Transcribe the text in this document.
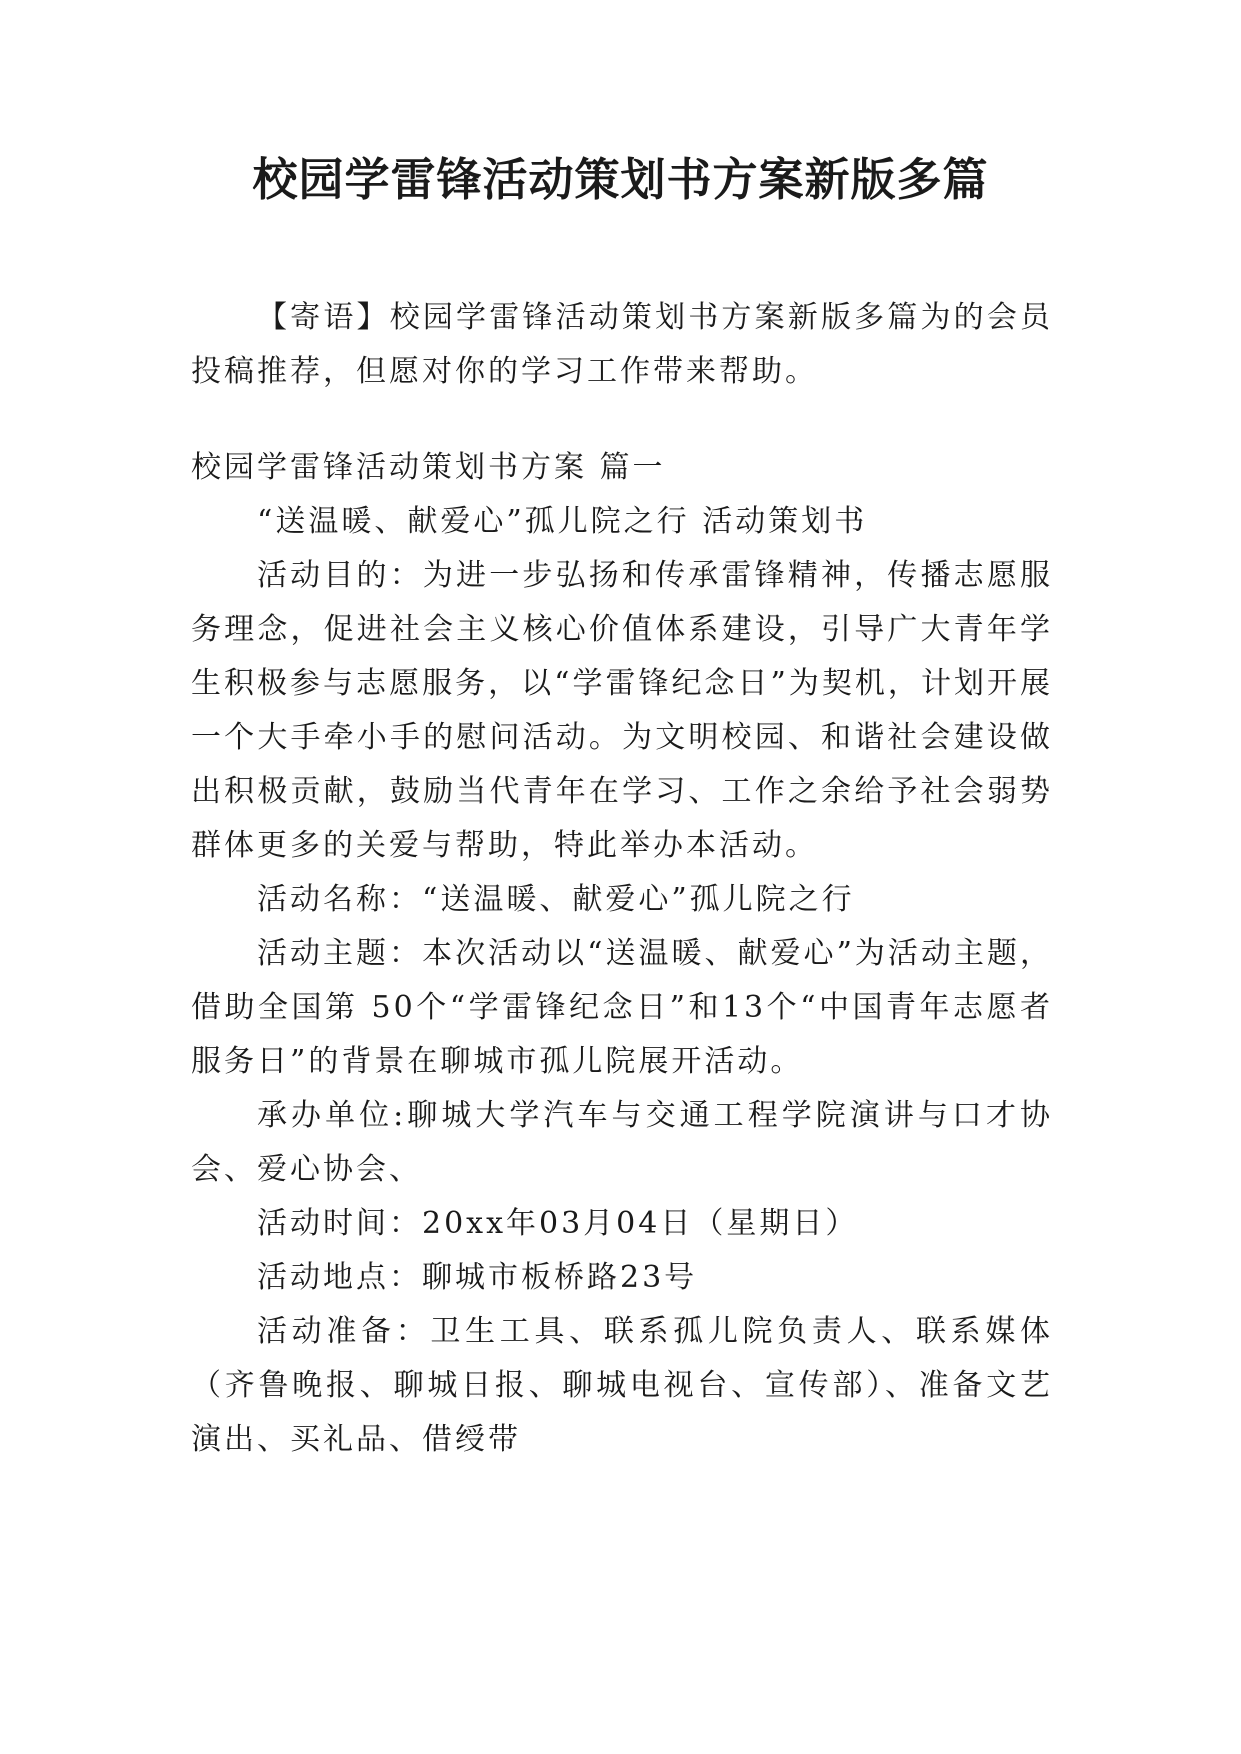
校园学雷锋活动策划书方案新版多篇

【寄语】校园学雷锋活动策划书方案新版多篇为的会员投稿推荐，但愿对你的学习工作带来帮助。

校园学雷锋活动策划书方案 篇一

“送温暖、献爱心”孤儿院之行 活动策划书

活动目的：为进一步弘扬和传承雷锋精神，传播志愿服务理念，促进社会主义核心价值体系建设，引导广大青年学生积极参与志愿服务，以“学雷锋纪念日”为契机，计划开展一个大手牵小手的慰问活动。为文明校园、和谐社会建设做出积极贡献，鼓励当代青年在学习、工作之余给予社会弱势群体更多的关爱与帮助，特此举办本活动。

活动名称：“送温暖、献爱心”孤儿院之行

活动主题：本次活动以“送温暖、献爱心”为活动主题，借助全国第 50个“学雷锋纪念日”和13个“中国青年志愿者服务日”的背景在聊城市孤儿院展开活动。

承办单位:聊城大学汽车与交通工程学院演讲与口才协会、爱心协会、

活动时间：20xx年03月04日（星期日）

活动地点：聊城市板桥路23号

活动准备：卫生工具、联系孤儿院负责人、联系媒体（齐鲁晚报、聊城日报、聊城电视台、宣传部）、准备文艺演出、买礼品、借绶带
